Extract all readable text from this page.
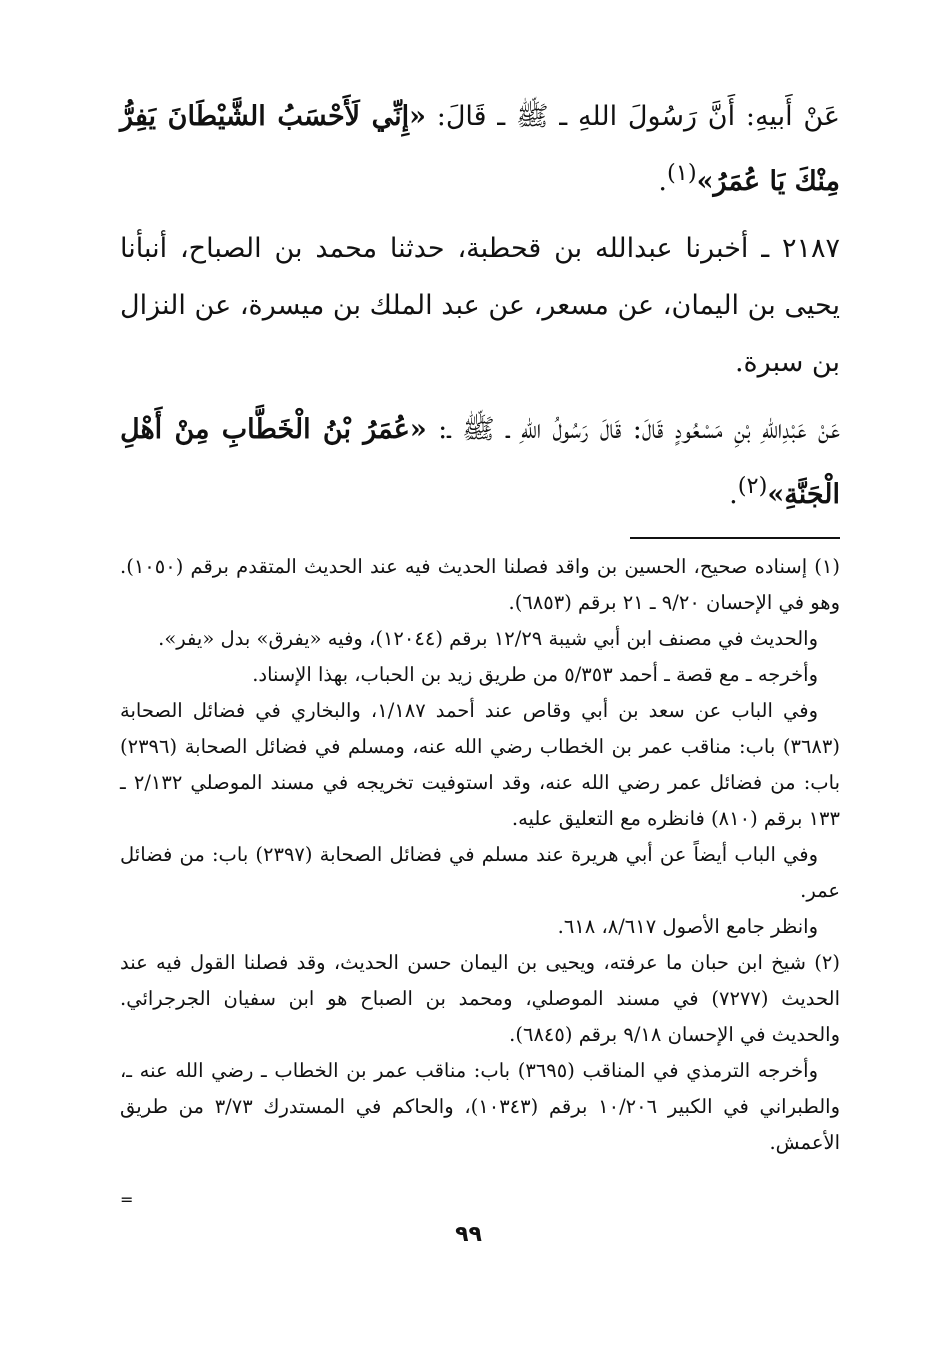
عَنْ أَبيهِ: أَنَّ رَسُولَ اللهِ ـ ﷺ ـ قَالَ: «إِنِّي لَأَحْسَبُ الشَّيْطَانَ يَفِرُّ مِنْكَ يَا عُمَرُ»$^{(١)}$.

٢١٨٧ ـ أخبرنا عبدالله بن قحطبة، حدثنا محمد بن الصباح، أنبأنا يحيى بن اليمان، عن مسعر، عن عبد الملك بن ميسرة، عن النزال بن سبرة.

عَنْ عَبْدِاللهِ بْنِ مَسْعُودٍ قَالَ: قَالَ رَسُولُ اللهِ ـ ﷺ ـ: «عُمَرُ بْنُ الْخَطَّابِ مِنْ أَهْلِ الْجَنَّةِ»$^{(٢)}$.

(١) إسناده صحيح، الحسين بن واقد فصلنا الحديث فيه عند الحديث المتقدم برقم (١٠٥٠). وهو في الإحسان ٩/٢٠ ـ ٢١ برقم (٦٨٥٣).

والحديث في مصنف ابن أبي شيبة ١٢/٢٩ برقم (١٢٠٤٤)، وفيه «يفرق» بدل «يفر».

وأخرجه ـ مع قصة ـ أحمد ٥/٣٥٣ من طريق زيد بن الحباب، بهذا الإسناد.

وفي الباب عن سعد بن أبي وقاص عند أحمد ١/١٨٧، والبخاري في فضائل الصحابة (٣٦٨٣) باب: مناقب عمر بن الخطاب رضي الله عنه، ومسلم في فضائل الصحابة (٢٣٩٦) باب: من فضائل عمر رضي الله عنه، وقد استوفيت تخريجه في مسند الموصلي ٢/١٣٢ ـ ١٣٣ برقم (٨١٠) فانظره مع التعليق عليه.

وفي الباب أيضاً عن أبي هريرة عند مسلم في فضائل الصحابة (٢٣٩٧) باب: من فضائل عمر.

وانظر جامع الأصول ٨/٦١٧، ٦١٨.

(٢) شيخ ابن حبان ما عرفته، ويحيى بن اليمان حسن الحديث، وقد فصلنا القول فيه عند الحديث (٧٢٧٧) في مسند الموصلي، ومحمد بن الصباح هو ابن سفيان الجرجرائي. والحديث في الإحسان ٩/١٨ برقم (٦٨٤٥).

وأخرجه الترمذي في المناقب (٣٦٩٥) باب: مناقب عمر بن الخطاب ـ رضي الله عنه ـ، والطبراني في الكبير ١٠/٢٠٦ برقم (١٠٣٤٣)، والحاكم في المستدرك ٣/٧٣ من طريق الأعمش.

=
٩٩
